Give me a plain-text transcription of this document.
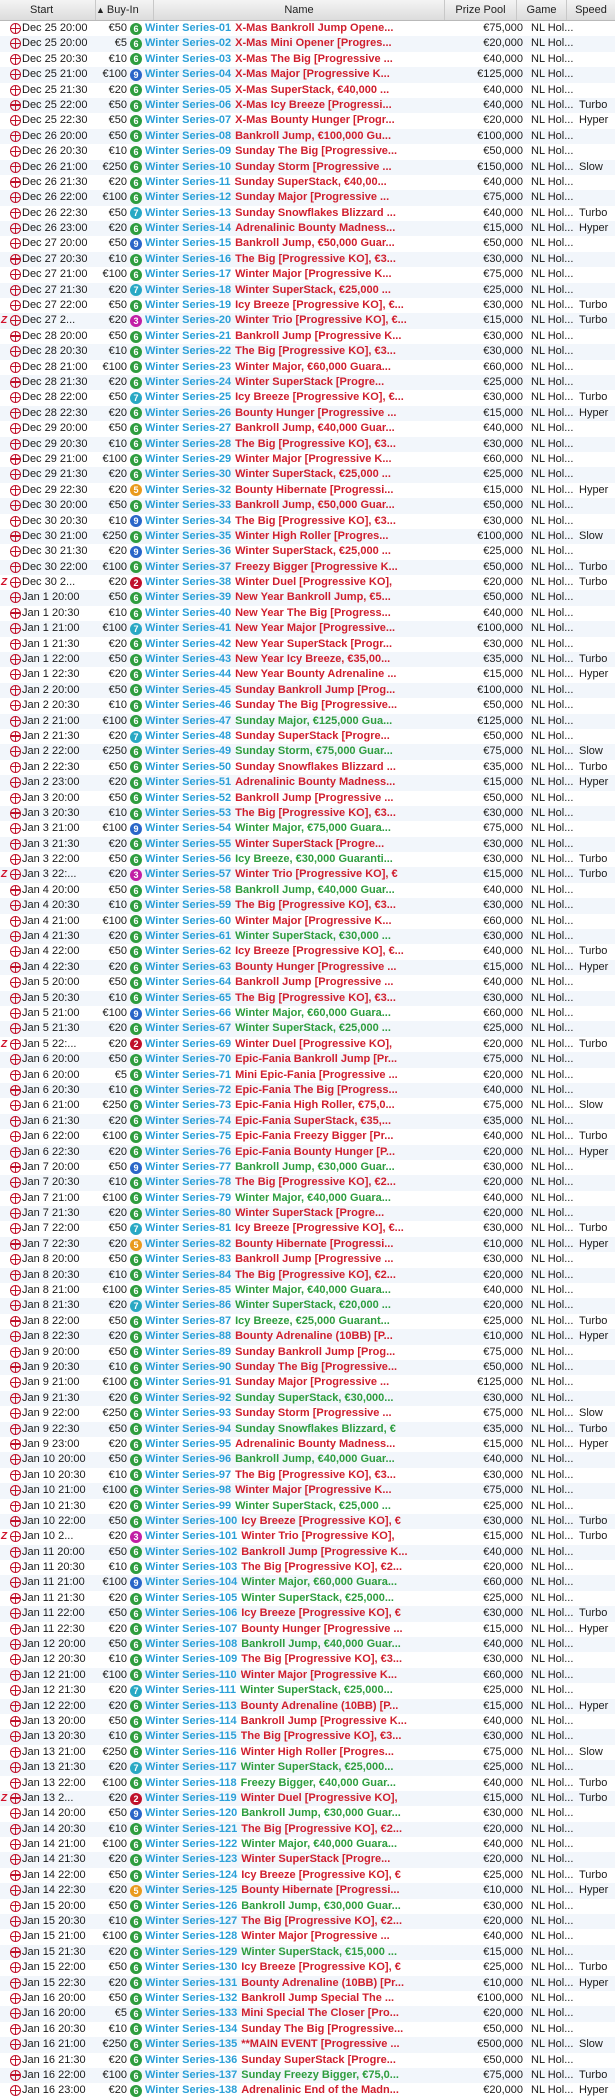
Start	▲ Buy-In	Name	Prize Pool	Game	Speed
Dec 25 20:00	€50 6 Winter Series-01 X-Mas Bankroll Jump Opene...	€75,000 NL Hol...
Dec 25 20:00	€5 6 Winter Series-02 X-Mas Mini Opener [Progres...	€20,000 NL Hol...
Dec 25 20:30	€10 6 Winter Series-03 X-Mas The Big [Progressive ...	€40,000 NL Hol...
Dec 25 21:00	€100 9 Winter Series-04 X-Mas Major [Progressive K...	€125,000 NL Hol...
Dec 25 21:30	€20 6 Winter Series-05 X-Mas SuperStack, €40,000 ...	€40,000 NL Hol...
Dec 25 22:00	€50 6 Winter Series-06 X-Mas Icy Breeze [Progressi...	€40,000 NL Hol... Turbo
Dec 25 22:30	€50 6 Winter Series-07 X-Mas Bounty Hunger [Progr...	€20,000 NL Hol... Hyper
Dec 26 20:00	€50 6 Winter Series-08 Bankroll Jump, €100,000 Gu...	€100,000 NL Hol...
Dec 26 20:30	€10 6 Winter Series-09 Sunday The Big [Progressive...	€50,000 NL Hol...
Dec 26 21:00	€250 6 Winter Series-10 Sunday Storm [Progressive ...	€150,000 NL Hol... Slow
Dec 26 21:30	€20 6 Winter Series-11 Sunday SuperStack, €40,00...	€40,000 NL Hol...
Dec 26 22:00	€100 6 Winter Series-12 Sunday Major [Progressive ...	€75,000 NL Hol...
Dec 26 22:30	€50 7 Winter Series-13 Sunday Snowflakes Blizzard ...	€40,000 NL Hol... Turbo
Dec 26 23:00	€20 6 Winter Series-14 Adrenalinic Bounty Madness...	€15,000 NL Hol... Hyper
Dec 27 20:00	€50 9 Winter Series-15 Bankroll Jump, €50,000 Guar...	€50,000 NL Hol...
Dec 27 20:30	€10 6 Winter Series-16 The Big [Progressive KO], €3...	€30,000 NL Hol...
Dec 27 21:00	€100 6 Winter Series-17 Winter Major [Progressive K...	€75,000 NL Hol...
Dec 27 21:30	€20 7 Winter Series-18 Winter SuperStack, €25,000 ...	€25,000 NL Hol...
Dec 27 22:00	€50 6 Winter Series-19 Icy Breeze [Progressive KO], €...	€30,000 NL Hol... Turbo
Z Dec 27 2...	€20 3 Winter Series-20 Winter Trio [Progressive KO], €...	€15,000 NL Hol... Turbo
Dec 28 20:00	€50 6 Winter Series-21 Bankroll Jump [Progressive K...	€30,000 NL Hol...
Dec 28 20:30	€10 6 Winter Series-22 The Big [Progressive KO], €3...	€30,000 NL Hol...
Dec 28 21:00	€100 6 Winter Series-23 Winter Major, €60,000 Guara...	€60,000 NL Hol...
Dec 28 21:30	€20 6 Winter Series-24 Winter SuperStack [Progre...	€25,000 NL Hol...
Dec 28 22:00	€50 7 Winter Series-25 Icy Breeze [Progressive KO], €...	€30,000 NL Hol... Turbo
Dec 28 22:30	€20 6 Winter Series-26 Bounty Hunger [Progressive ...	€15,000 NL Hol... Hyper
Dec 29 20:00	€50 6 Winter Series-27 Bankroll Jump, €40,000 Guar...	€40,000 NL Hol...
Dec 29 20:30	€10 6 Winter Series-28 The Big [Progressive KO], €3...	€30,000 NL Hol...
Dec 29 21:00	€100 6 Winter Series-29 Winter Major [Progressive K...	€60,000 NL Hol...
Dec 29 21:30	€20 6 Winter Series-30 Winter SuperStack, €25,000 ...	€25,000 NL Hol...
Dec 29 22:30	€20 5 Winter Series-32 Bounty Hibernate [Progressi...	€15,000 NL Hol... Hyper
Dec 30 20:00	€50 6 Winter Series-33 Bankroll Jump, €50,000 Guar...	€50,000 NL Hol...
Dec 30 20:30	€10 9 Winter Series-34 The Big [Progressive KO], €3...	€30,000 NL Hol...
Dec 30 21:00	€250 6 Winter Series-35 Winter High Roller [Progres...	€100,000 NL Hol... Slow
Dec 30 21:30	€20 9 Winter Series-36 Winter SuperStack, €25,000 ...	€25,000 NL Hol...
Dec 30 22:00	€100 6 Winter Series-37 Freezy Bigger [Progressive K...	€50,000 NL Hol... Turbo
Z Dec 30 2...	€20 2 Winter Series-38 Winter Duel [Progressive KO],	€20,000 NL Hol... Turbo
Jan 1 20:00	€50 6 Winter Series-39 New Year Bankroll Jump, €5...	€50,000 NL Hol...
Jan 1 20:30	€10 6 Winter Series-40 New Year The Big [Progress...	€40,000 NL Hol...
Jan 1 21:00	€100 7 Winter Series-41 New Year Major [Progressive...	€100,000 NL Hol...
Jan 1 21:30	€20 6 Winter Series-42 New Year SuperStack [Progr...	€30,000 NL Hol...
Jan 1 22:00	€50 6 Winter Series-43 New Year Icy Breeze, €35,00...	€35,000 NL Hol... Turbo
Jan 1 22:30	€20 6 Winter Series-44 New Year Bounty Adrenaline ...	€15,000 NL Hol... Hyper
Jan 2 20:00	€50 6 Winter Series-45 Sunday Bankroll Jump [Prog...	€100,000 NL Hol...
Jan 2 20:30	€10 6 Winter Series-46 Sunday The Big [Progressive...	€50,000 NL Hol...
Jan 2 21:00	€100 6 Winter Series-47 Sunday Major, €125,000 Gua...	€125,000 NL Hol...
Jan 2 21:30	€20 7 Winter Series-48 Sunday SuperStack [Progre...	€50,000 NL Hol...
Jan 2 22:00	€250 6 Winter Series-49 Sunday Storm, €75,000 Guar...	€75,000 NL Hol... Slow
Jan 2 22:30	€50 6 Winter Series-50 Sunday Snowflakes Blizzard ...	€35,000 NL Hol... Turbo
Jan 2 23:00	€20 6 Winter Series-51 Adrenalinic Bounty Madness...	€15,000 NL Hol... Hyper
Jan 3 20:00	€50 6 Winter Series-52 Bankroll Jump [Progressive ...	€50,000 NL Hol...
Jan 3 20:30	€10 6 Winter Series-53 The Big [Progressive KO], €3...	€30,000 NL Hol...
Jan 3 21:00	€100 9 Winter Series-54 Winter Major, €75,000 Guara...	€75,000 NL Hol...
Jan 3 21:30	€20 6 Winter Series-55 Winter SuperStack [Progre...	€30,000 NL Hol...
Jan 3 22:00	€50 6 Winter Series-56 Icy Breeze, €30,000 Guaranti...	€30,000 NL Hol... Turbo
Z Jan 3 22:...	€20 3 Winter Series-57 Winter Trio [Progressive KO], €	€15,000 NL Hol... Turbo
Jan 4 20:00	€50 6 Winter Series-58 Bankroll Jump, €40,000 Guar...	€40,000 NL Hol...
Jan 4 20:30	€10 6 Winter Series-59 The Big [Progressive KO], €3...	€30,000 NL Hol...
Jan 4 21:00	€100 6 Winter Series-60 Winter Major [Progressive K...	€60,000 NL Hol...
Jan 4 21:30	€20 6 Winter Series-61 Winter SuperStack, €30,000 ...	€30,000 NL Hol...
Jan 4 22:00	€50 6 Winter Series-62 Icy Breeze [Progressive KO], €...	€40,000 NL Hol... Turbo
Jan 4 22:30	€20 6 Winter Series-63 Bounty Hunger [Progressive ...	€15,000 NL Hol... Hyper
Jan 5 20:00	€50 6 Winter Series-64 Bankroll Jump [Progressive ...	€40,000 NL Hol...
Jan 5 20:30	€10 6 Winter Series-65 The Big [Progressive KO], €3...	€30,000 NL Hol...
Jan 5 21:00	€100 9 Winter Series-66 Winter Major, €60,000 Guara...	€60,000 NL Hol...
Jan 5 21:30	€20 6 Winter Series-67 Winter SuperStack, €25,000 ...	€25,000 NL Hol...
Z Jan 5 22:...	€20 2 Winter Series-69 Winter Duel [Progressive KO],	€20,000 NL Hol... Turbo
Jan 6 20:00	€50 6 Winter Series-70 Epic-Fania Bankroll Jump [Pr...	€75,000 NL Hol...
Jan 6 20:00	€5 6 Winter Series-71 Mini Epic-Fania [Progressive ...	€20,000 NL Hol...
Jan 6 20:30	€10 6 Winter Series-72 Epic-Fania The Big [Progress...	€40,000 NL Hol...
Jan 6 21:00	€250 6 Winter Series-73 Epic-Fania High Roller, €75,0...	€75,000 NL Hol... Slow
Jan 6 21:30	€20 6 Winter Series-74 Epic-Fania SuperStack, €35,...	€35,000 NL Hol...
Jan 6 22:00	€100 6 Winter Series-75 Epic-Fania Freezy Bigger [Pr...	€40,000 NL Hol... Turbo
Jan 6 22:30	€20 6 Winter Series-76 Epic-Fania Bounty Hunger [P...	€20,000 NL Hol... Hyper
Jan 7 20:00	€50 9 Winter Series-77 Bankroll Jump, €30,000 Guar...	€30,000 NL Hol...
Jan 7 20:30	€10 6 Winter Series-78 The Big [Progressive KO], €2...	€20,000 NL Hol...
Jan 7 21:00	€100 6 Winter Series-79 Winter Major, €40,000 Guara...	€40,000 NL Hol...
Jan 7 21:30	€20 6 Winter Series-80 Winter SuperStack [Progre...	€20,000 NL Hol...
Jan 7 22:00	€50 7 Winter Series-81 Icy Breeze [Progressive KO], €...	€30,000 NL Hol... Turbo
Jan 7 22:30	€20 5 Winter Series-82 Bounty Hibernate [Progressi...	€10,000 NL Hol... Hyper
Jan 8 20:00	€50 6 Winter Series-83 Bankroll Jump [Progressive ...	€30,000 NL Hol...
Jan 8 20:30	€10 6 Winter Series-84 The Big [Progressive KO], €2...	€20,000 NL Hol...
Jan 8 21:00	€100 6 Winter Series-85 Winter Major, €40,000 Guara...	€40,000 NL Hol...
Jan 8 21:30	€20 7 Winter Series-86 Winter SuperStack, €20,000 ...	€20,000 NL Hol...
Jan 8 22:00	€50 6 Winter Series-87 Icy Breeze, €25,000 Guarant...	€25,000 NL Hol... Turbo
Jan 8 22:30	€20 6 Winter Series-88 Bounty Adrenaline (10BB) [P...	€10,000 NL Hol... Hyper
Jan 9 20:00	€50 6 Winter Series-89 Sunday Bankroll Jump [Prog...	€75,000 NL Hol...
Jan 9 20:30	€10 6 Winter Series-90 Sunday The Big [Progressive...	€50,000 NL Hol...
Jan 9 21:00	€100 6 Winter Series-91 Sunday Major [Progressive ...	€125,000 NL Hol...
Jan 9 21:30	€20 6 Winter Series-92 Sunday SuperStack, €30,000...	€30,000 NL Hol...
Jan 9 22:00	€250 6 Winter Series-93 Sunday Storm [Progressive ...	€75,000 NL Hol... Slow
Jan 9 22:30	€50 6 Winter Series-94 Sunday Snowflakes Blizzard, €	€35,000 NL Hol... Turbo
Jan 9 23:00	€20 6 Winter Series-95 Adrenalinic Bounty Madness...	€15,000 NL Hol... Hyper
Jan 10 20:00	€50 6 Winter Series-96 Bankroll Jump, €40,000 Guar...	€40,000 NL Hol...
Jan 10 20:30	€10 6 Winter Series-97 The Big [Progressive KO], €3...	€30,000 NL Hol...
Jan 10 21:00	€100 6 Winter Series-98 Winter Major [Progressive K...	€75,000 NL Hol...
Jan 10 21:30	€20 6 Winter Series-99 Winter SuperStack, €25,000 ...	€25,000 NL Hol...
Jan 10 22:00	€50 6 Winter Series-100 Icy Breeze [Progressive KO], €	€30,000 NL Hol... Turbo
Z Jan 10 2...	€20 3 Winter Series-101 Winter Trio [Progressive KO],	€15,000 NL Hol... Turbo
Jan 11 20:00	€50 6 Winter Series-102 Bankroll Jump [Progressive K...	€40,000 NL Hol...
Jan 11 20:30	€10 6 Winter Series-103 The Big [Progressive KO], €2...	€20,000 NL Hol...
Jan 11 21:00	€100 9 Winter Series-104 Winter Major, €60,000 Guara...	€60,000 NL Hol...
Jan 11 21:30	€20 6 Winter Series-105 Winter SuperStack, €25,000...	€25,000 NL Hol...
Jan 11 22:00	€50 6 Winter Series-106 Icy Breeze [Progressive KO], €	€30,000 NL Hol... Turbo
Jan 11 22:30	€20 6 Winter Series-107 Bounty Hunger [Progressive ...	€15,000 NL Hol... Hyper
Jan 12 20:00	€50 6 Winter Series-108 Bankroll Jump, €40,000 Guar...	€40,000 NL Hol...
Jan 12 20:30	€10 6 Winter Series-109 The Big [Progressive KO], €3...	€30,000 NL Hol...
Jan 12 21:00	€100 6 Winter Series-110 Winter Major [Progressive K...	€60,000 NL Hol...
Jan 12 21:30	€20 7 Winter Series-111 Winter SuperStack, €25,000...	€25,000 NL Hol...
Jan 12 22:00	€20 6 Winter Series-113 Bounty Adrenaline (10BB) [P...	€15,000 NL Hol... Hyper
Jan 13 20:00	€50 6 Winter Series-114 Bankroll Jump [Progressive K...	€40,000 NL Hol...
Jan 13 20:30	€10 6 Winter Series-115 The Big [Progressive KO], €3...	€30,000 NL Hol...
Jan 13 21:00	€250 6 Winter Series-116 Winter High Roller [Progres...	€75,000 NL Hol... Slow
Jan 13 21:30	€20 7 Winter Series-117 Winter SuperStack, €25,000...	€25,000 NL Hol...
Jan 13 22:00	€100 6 Winter Series-118 Freezy Bigger, €40,000 Guar...	€40,000 NL Hol... Turbo
Z Jan 13 2...	€20 2 Winter Series-119 Winter Duel [Progressive KO],	€15,000 NL Hol... Turbo
Jan 14 20:00	€50 9 Winter Series-120 Bankroll Jump, €30,000 Guar...	€30,000 NL Hol...
Jan 14 20:30	€10 6 Winter Series-121 The Big [Progressive KO], €2...	€20,000 NL Hol...
Jan 14 21:00	€100 6 Winter Series-122 Winter Major, €40,000 Guara...	€40,000 NL Hol...
Jan 14 21:30	€20 6 Winter Series-123 Winter SuperStack [Progre...	€20,000 NL Hol...
Jan 14 22:00	€50 6 Winter Series-124 Icy Breeze [Progressive KO], €	€25,000 NL Hol... Turbo
Jan 14 22:30	€20 5 Winter Series-125 Bounty Hibernate [Progressi...	€10,000 NL Hol... Hyper
Jan 15 20:00	€50 6 Winter Series-126 Bankroll Jump, €30,000 Guar...	€30,000 NL Hol...
Jan 15 20:30	€10 6 Winter Series-127 The Big [Progressive KO], €2...	€20,000 NL Hol...
Jan 15 21:00	€100 6 Winter Series-128 Winter Major [Progressive ...	€40,000 NL Hol...
Jan 15 21:30	€20 6 Winter Series-129 Winter SuperStack, €15,000 ...	€15,000 NL Hol...
Jan 15 22:00	€50 6 Winter Series-130 Icy Breeze [Progressive KO], €	€25,000 NL Hol... Turbo
Jan 15 22:30	€20 6 Winter Series-131 Bounty Adrenaline (10BB) [Pr...	€10,000 NL Hol... Hyper
Jan 16 20:00	€50 6 Winter Series-132 Bankroll Jump Special The ...	€100,000 NL Hol...
Jan 16 20:00	€5 6 Winter Series-133 Mini Special The Closer [Pro...	€20,000 NL Hol...
Jan 16 20:30	€10 6 Winter Series-134 Sunday The Big [Progressive...	€50,000 NL Hol...
Jan 16 21:00	€250 6 Winter Series-135 **MAIN EVENT [Progressive ...	€500,000 NL Hol... Slow
Jan 16 21:30	€20 6 Winter Series-136 Sunday SuperStack [Progre...	€50,000 NL Hol...
Jan 16 22:00	€100 6 Winter Series-137 Sunday Freezy Bigger, €75,0...	€75,000 NL Hol... Turbo
Jan 16 23:00	€20 6 Winter Series-138 Adrenalinic End of the Madn...	€20,000 NL Hol... Hyper
